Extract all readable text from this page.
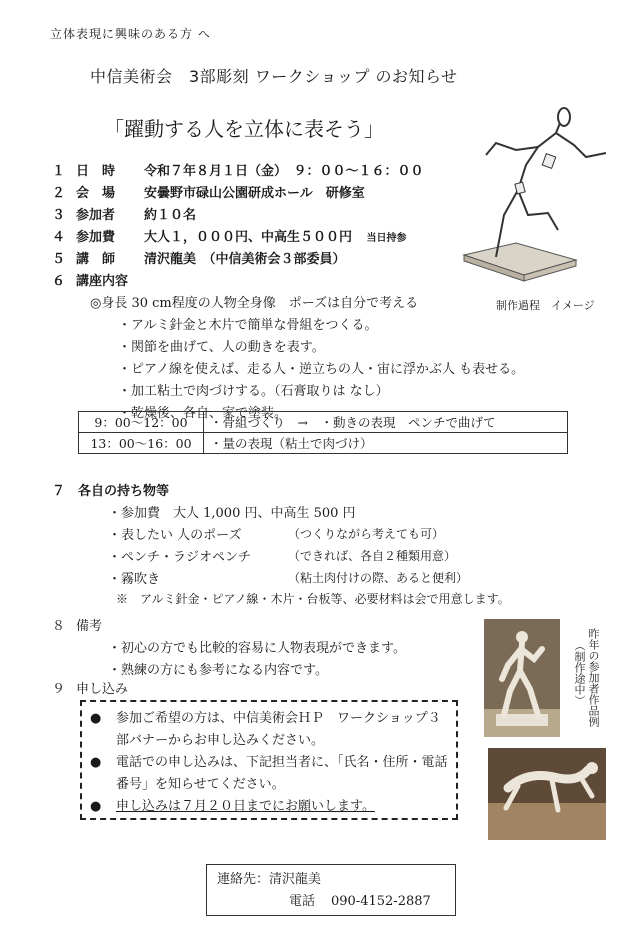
立体表現に興味のある方 へ
中信美術会　3部彫刻 ワークショップ のお知らせ
「躍動する人を立体に表そう」
制作過程　イメージ
１ 日　時 令和７年８月１日（金）　９：００～１６：００
２ 会　場 安曇野市碌山公園研成ホール　研修室
３ 参加者 約１０名
４ 参加費 大人１，０００円、中高生５００円 当日持参
５ 講　師 清沢龍美　（中信美術会３部委員）
６ 講座内容
◎身長 30 cm程度の人物全身像　ポーズは自分で考える
・アルミ針金と木片で簡単な骨組をつくる。
・関節を曲げて、人の動きを表す。
・ピアノ線を使えば、走る人・逆立ちの人・宙に浮かぶ人 も表せる。
・加工粘土で肉づけする。（石膏取りは なし）
・乾燥後、各自、家で塗装。
9：00～12：00	・骨組づくり　→　・動きの表現　ペンチで曲げて
13：00～16：00	・量の表現（粘土で肉づけ）
７　各自の持ち物等
・参加費　大人 1,000 円、中高生 500 円
・表したい 人のポーズ	（つくりながら考えても可）
・ペンチ・ラジオペンチ	（できれば、各自２種類用意）
・霧吹き	（粘土肉付けの際、あると便利）
※　アルミ針金・ピアノ線・木片・台板等、必要材料は会で用意します。
８ 備考
・初心の方でも比較的容易に人物表現ができます。
・熟練の方にも参考になる内容です。
９ 申し込み
● 参加ご希望の方は、中信美術会ＨＰ　ワークショップ３部バナーからお申し込みください。
● 電話での申し込みは、下記担当者に、「氏名・住所・電話番号」を知らせてください。
● 申し込みは７月２０日までにお願いします。
昨年の参加者作品例
（制作途中）
連絡先：清沢龍美
電話 090-4152-2887
